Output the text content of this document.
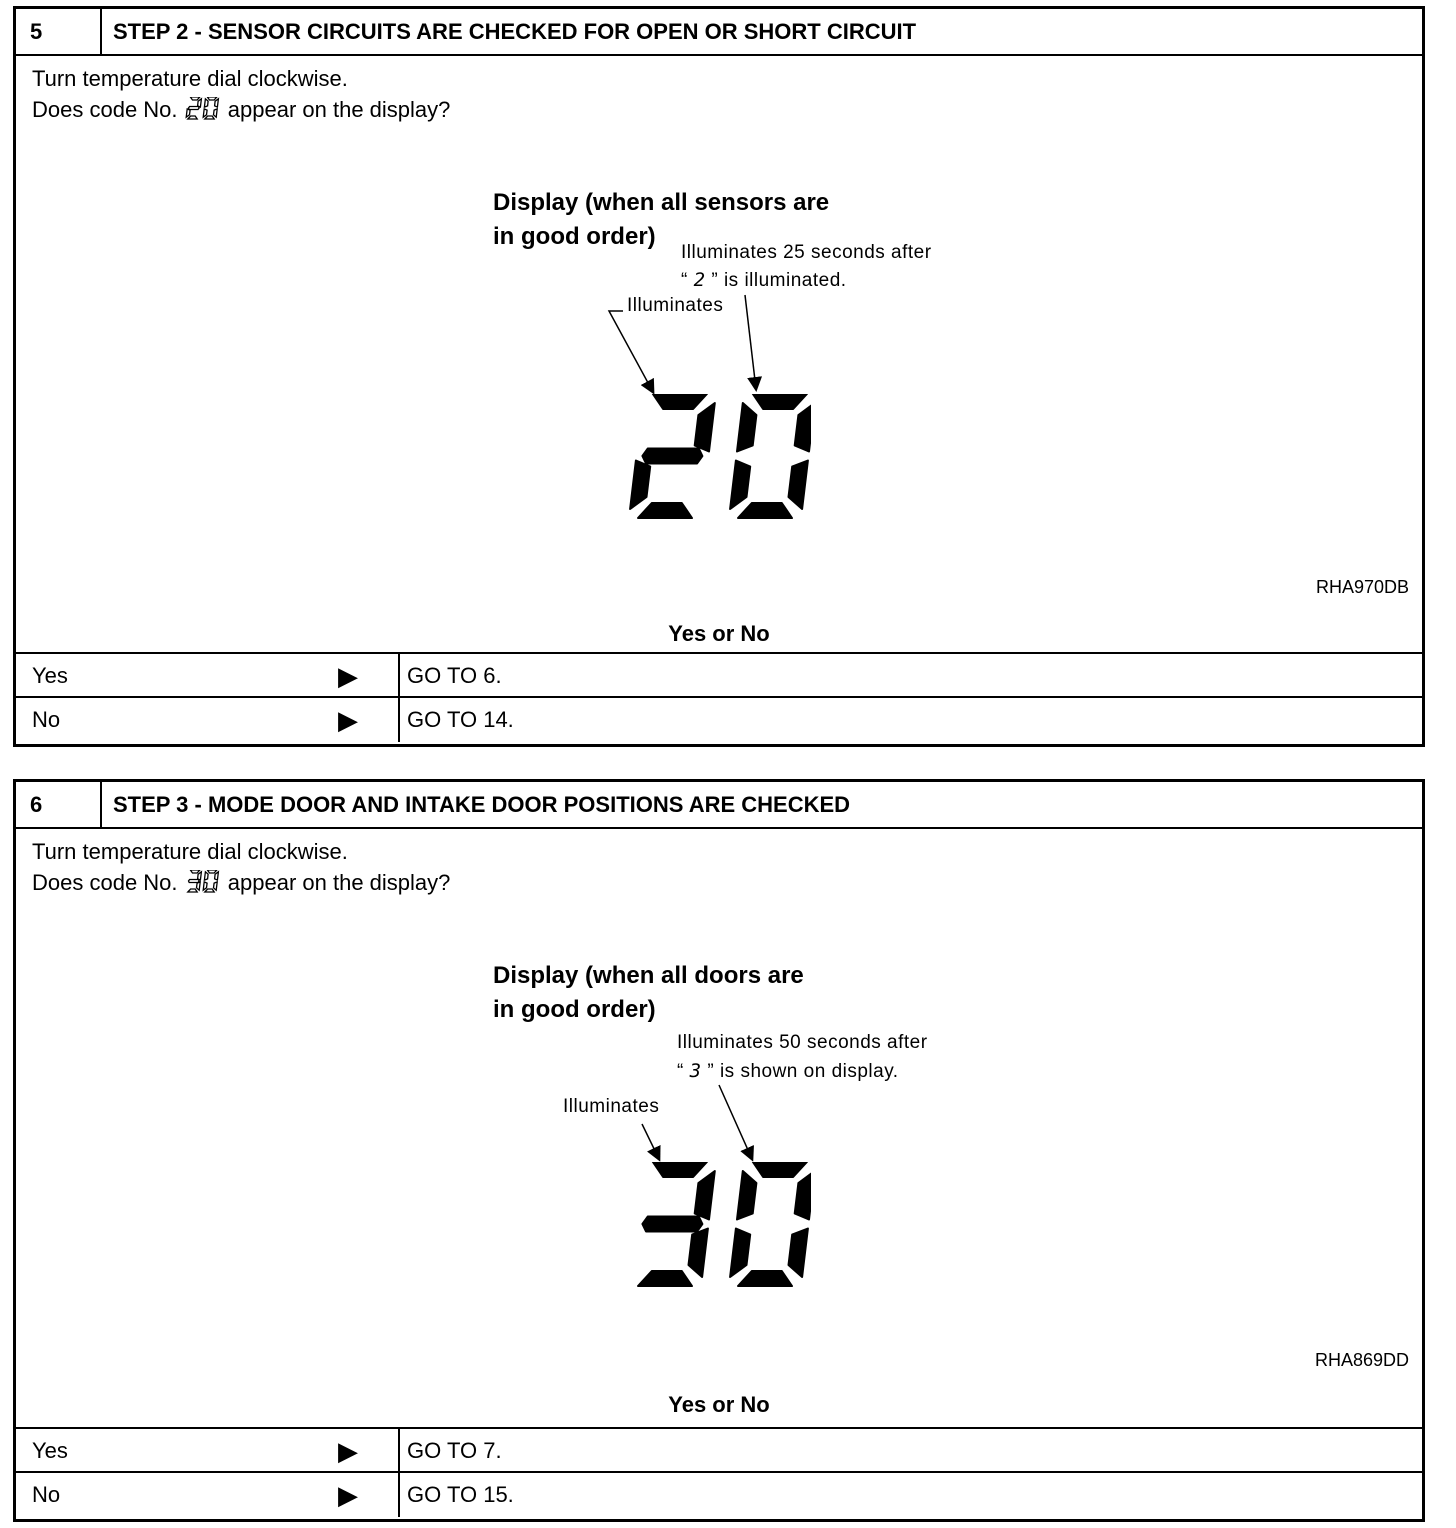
5	STEP 2 - SENSOR CIRCUITS ARE CHECKED FOR OPEN OR SHORT CIRCUIT
Turn temperature dial clockwise.
Does code No. appear on the display?
Display (when all sensors are
in good order)
Illuminates 25 seconds after
“ 2 ” is illuminated.
Illuminates
RHA970DB
Yes or No
Yes	▶	GO TO 6.
No	▶	GO TO 14.
6	STEP 3 - MODE DOOR AND INTAKE DOOR POSITIONS ARE CHECKED
Turn temperature dial clockwise.
Does code No. appear on the display?
Display (when all doors are
in good order)
Illuminates 50 seconds after
“ 3 ” is shown on display.
Illuminates
RHA869DD
Yes or No
Yes	▶	GO TO 7.
No	▶	GO TO 15.
